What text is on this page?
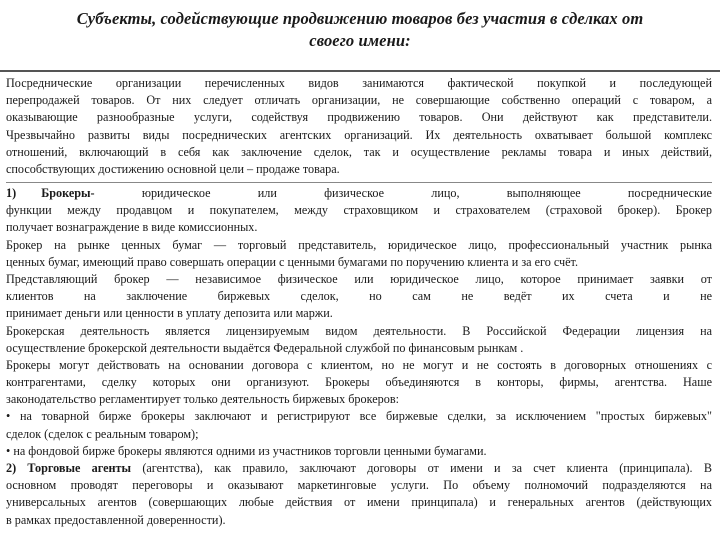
Субъекты, содействующие продвижению товаров без участия в сделках от
своего имени:
Посреднические организации перечисленных видов занимаются фактической покупкой и последующей
перепродажей товаров. От них следует отличать организации, не совершающие собственно операций с товаром, а
оказывающие разнообразные услуги, содействуя продвижению товаров. Они действуют как представители.
Чрезвычайно развиты виды посреднических агентских организаций. Их деятельность охватывает большой комплекс
отношений, включающий в себя как заключение сделок, так и осуществление рекламы товара и иных действий,
способствующих достижению основной цели – продаже товара.
1) Брокеры-	юридическое	или	физическое	лицо,	выполняющее	посреднические
функции между продавцом и покупателем, между страховщиком и страхователем (страховой брокер). Брокер
получает вознаграждение в виде комиссионных.
Брокер на рынке ценных бумаг — торговый представитель, юридическое лицо, профессиональный участник рынка
ценных бумаг, имеющий право совершать операции с ценными бумагами по поручению клиента и за его счёт.
Представляющий брокер — независимое физическое или юридическое лицо, которое принимает заявки от
клиентов на заключение биржевых сделок, но сам не ведёт их счета и не
принимает деньги или ценности в уплату депозита или маржи.
Брокерская деятельность является лицензируемым видом деятельности. В Российской Федерации лицензия на
осуществление брокерской деятельности выдаётся Федеральной службой по финансовым рынкам .
Брокеры могут действовать на основании договора с клиентом, но не могут и не состоять в договорных отношениях с
контрагентами, сделку которых они организуют. Брокеры объединяются в конторы, фирмы, агентства. Наше
законодательство регламентирует только деятельность биржевых брокеров:
• на товарной бирже брокеры заключают и регистрируют все биржевые сделки, за исключением "простых биржевых"
сделок (сделок с реальным товаром);
• на фондовой бирже брокеры являются одними из участников торговли ценными бумагами.
2) Торговые агенты (агентства), как правило, заключают договоры от имени и за счет клиента (принципала). В
основном проводят переговоры и оказывают маркетинговые услуги. По объему полномочий подразделяются на
универсальных агентов (совершающих любые действия от имени принципала) и генеральных агентов (действующих
в рамках предоставленной доверенности).
